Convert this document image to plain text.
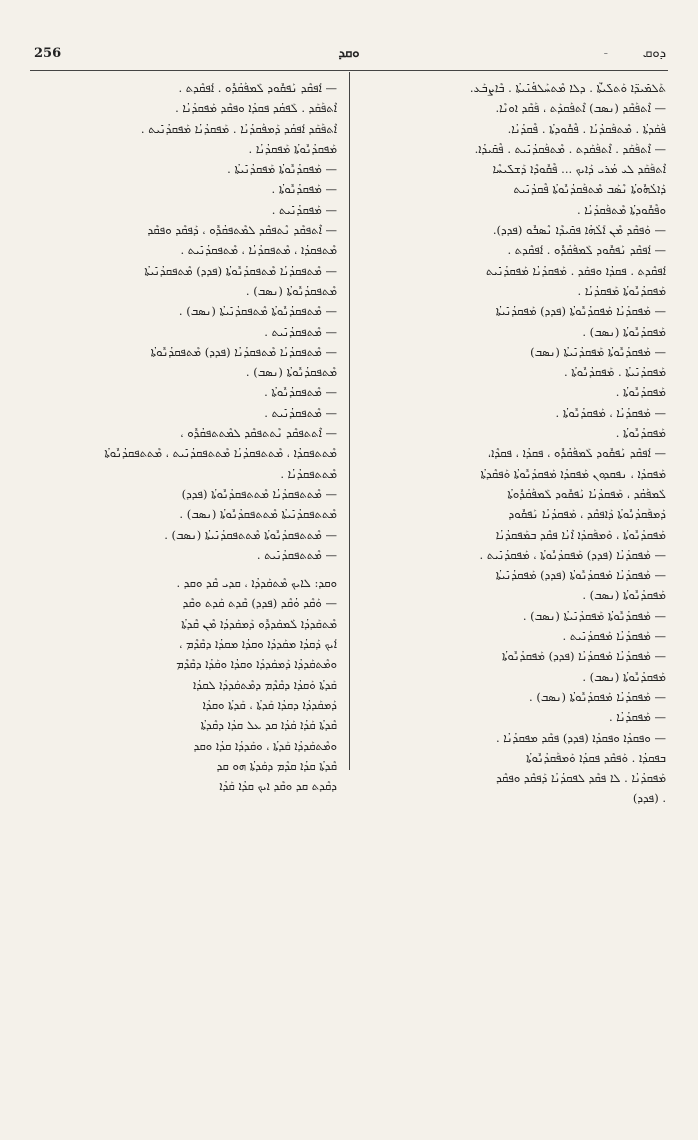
256	ܘܩܕ	-	ܕܘܩ
ܬܰܠܡܺܝܕ̈ܐ ܘܰܬܠܺܝܬ̈ܳܐ . ܕܠܐ ܡܶܬܚܰܠܦܳܢܺܝܬܳܐ . ܒܶܐܨܒܰܥ.
— ܐܶܬܦܰܩܶܕ (ܢܣܒ) ܐܶܬܦܰܩܕܰܬ ، ܦܰܩܶܕ ܐܘܢܶܐ.
ܦܰܩܰܕܬܳܐ . ܡܶܬܦܰܩܕܳܢܳܐ . ܦܶܩܽܘܕܬܳܐ . ܦܶܩܕܳܢܳܐ.
— ܐܶܬܦܰܩܰܕ . ܐܶܬܦܰܩܰܕܬ . ܡܶܬܦܰܩܕܳܢܺܝܬ . ܦܶܩܺܝܕܳܐ.
ܐܶܬܦܰܩܰܕ ܠܝ ܡܳܪܝ ܕܰܐܝܟ ... ܦܶܩܽܘܕܶܐ ܕܰܫܠܺܝܚܶܐ
ܕܰܐܠܳܗܽܘܬܳܐ ܢܶܣܰܒ ܡܶܬܦܰܩܕܳܢܽܘܬܳܐ ܦܶܩܕܳܢܺܝܬ
ܘܦܶܩܽܘܕܬܳܐ ܡܶܬܦܰܩܕܳܢܳܐ .
— ܘܰܦܩܶܕ ܡܶܢ ܐܰܠܳܗܳܐ ܦܩܺܝܕܶܐ ܢܶܣܒܽܘ (ܦܕܕ).
— ܐܰܦܩܶܕ ܢܰܦܩܽܘܕ ܠܰܡܦܰܩܳܕܽܘ . ܐܰܦܩܶܕܬ .
ܐܰܦܩܶܕܬ . ܦܩܕܳܐ ܘܦܩܰܕ . ܡܰܦܩܕܳܢܳܐ ܡܰܦܩܕܳܢܺܝܬ
ܡܰܦܩܕܳܢܽܘܬܳܐ ܡܰܦܩܕܳܢܳܐ .
— ܡܰܦܩܕܳܢܳܐ ܡܰܦܩܕܳܢܽܘܬܳܐ (ܦܕܕ) ܡܰܦܩܕܳܢܺܝܬܳܐ
ܡܰܦܩܕܳܢܽܘܬܳܐ (ܢܣܒ) .
— ܡܰܦܩܕܳܢܽܘܬܳܐ ܡܰܦܩܕܳܢܺܝܬܳܐ (ܢܣܒ)
ܡܰܦܩܕܳܢܺܝܬܳܐ . ܡܰܦܩܕܳܢܽܘܬܳܐ .
ܡܰܦܩܕܳܢܽܘܬܳܐ .
— ܡܰܦܩܕܳܢܳܐ ، ܡܰܦܩܕܳܢܽܘܬܳܐ .
ܡܰܦܩܕܳܢܽܘܬܳܐ .
— ܐܰܦܩܶܕ ܢܰܦܩܽܘܕ ܠܰܡܦܰܩܳܕܽܘ ، ܦܩܕܳܐ ، ܦܩܕܶܐ،
ܡܰܦܩܕܳܐ ، ܢܦܩܕܘܢ ܡܰܦܩܕܳܐ ܡܰܦܩܕܳܢܽܘܬܳܐ ܘܰܦܩܶܕܬܳܐ
ܠܰܡܦܰܩܳܕ ، ܡܰܦܩܕܳܢܳܐ ܢܰܦܩܽܘܕ ܠܰܡܦܰܩܳܕܽܘܬܳܐ
ܕܰܡܦܰܩܕܳܢܽܘܬܳܐ ܕܰܐܦܩܶܕ ، ܡܰܦܩܕܳܢܳܐ ܢܰܦܩܽܘܕ
ܡܰܦܩܕܳܢܽܘܬܳܐ ، ܘܰܡܦܰܩܕܳܐ ܐܶܢܳܐ ܦܩܶܕ ܒܡܰܦܩܕܳܢܳܐ
— ܡܰܦܩܕܳܢܳܐ (ܦܕܕ) ܡܰܦܩܕܳܢܽܘܬܳܐ ، ܡܰܦܩܕܳܢܺܝܬ .
— ܡܰܦܩܕܳܢܳܐ ܡܰܦܩܕܳܢܽܘܬܳܐ (ܦܕܕ) ܡܰܦܩܕܳܢܺܝܬܳܐ
ܡܰܦܩܕܳܢܽܘܬܳܐ (ܢܣܒ) .
— ܡܰܦܩܕܳܢܽܘܬܳܐ ܡܰܦܩܕܳܢܺܝܬܳܐ (ܢܣܒ) .
— ܡܰܦܩܕܳܢܳܐ ܡܰܦܩܕܳܢܺܝܬ .
— ܡܰܦܩܕܳܢܳܐ ܡܰܦܩܕܳܢܳܐ (ܦܕܕ) ܡܰܦܩܕܳܢܽܘܬܳܐ
ܡܰܦܩܕܳܢܽܘܬܳܐ (ܢܣܒ) .
— ܡܰܦܩܕܳܢܳܐ ܡܰܦܩܕܳܢܽܘܬܳܐ (ܢܣܒ) .
— ܡܰܦܩܕܳܢܳܐ .
— ܘܦܩܕܳܐ ܘܦܩܕܳܐ (ܦܕܕ) ܦܩܶܕ ܡܦܩܕܳܢܳܐ .
ܒܦܩܕܳܐ . ܘܰܦܩܶܕ ܦܩܕܳܐ ܘܰܡܦܰܩܕܳܢܽܘܬܳܐ
ܡܰܦܩܕܳܢܳܐ . ܠܐ ܦܩܶܕ ܠܦܩܕܳܢܳܐ ܕܰܦܩܶܕ ܘܦܩܶܕ
. (ܦܕܕ)
— ܐܰܦܩܶܕ ܢܰܦܩܽܘܕ ܠܰܡܦܰܩܳܕܽܘ . ܐܰܦܩܶܕܬ .
ܐܶܬܦܰܩܰܕ . ܠܰܦܩܳܕ ܦܩܕܳܐ ܘܦܩܶܕ ܡܰܦܩܕܳܢܳܐ .
ܐܶܬܦܰܩܰܕ ܐܰܦܩܳܕ ܕܰܡܦܰܩܕܳܢܳܐ . ܡܰܦܩܕܳܢܳܐ ܡܰܦܩܕܳܢܺܝܬ .
ܡܰܦܩܕܳܢܽܘܬܳܐ ܡܰܦܩܕܳܢܳܐ .
— ܡܰܦܩܕܳܢܽܘܬܳܐ ܡܰܦܩܕܳܢܺܝܬܳܐ .
— ܡܰܦܩܕܳܢܽܘܬܳܐ .
— ܡܰܦܩܕܳܢܺܝܬ .
— ܐܶܬܦܩܶܕ ܢܶܬܦܩܶܕ ܠܡܶܬܦܩܳܕܽܘ ، ܕܰܦܩܶܕ ܘܦܩܶܕ
ܡܶܬܦܩܕܳܐ ، ܡܶܬܦܩܕܳܢܳܐ ، ܡܶܬܦܩܕܳܢܺܝܬ .
— ܡܶܬܦܩܕܳܢܳܐ ܡܶܬܦܩܕܳܢܽܘܬܳܐ (ܦܕܕ) ܡܶܬܦܩܕܳܢܺܝܬܳܐ
ܡܶܬܦܩܕܳܢܽܘܬܳܐ (ܢܣܒ) .
— ܡܶܬܦܩܕܳܢܽܘܬܳܐ ܡܶܬܦܩܕܳܢܺܝܬܳܐ (ܢܣܒ) .
— ܡܶܬܦܩܕܳܢܺܝܬ .
— ܡܶܬܦܩܕܳܢܳܐ ܡܶܬܦܩܕܳܢܳܐ (ܦܕܕ) ܡܶܬܦܩܕܳܢܽܘܬܳܐ
ܡܶܬܦܩܕܳܢܽܘܬܳܐ (ܢܣܒ) .
— ܡܶܬܦܩܕܳܢܽܘܬܳܐ .
— ܡܶܬܦܩܕܳܢܺܝܬ .
— ܐܶܬܬܦܩܶܕ ܢܶܬܬܦܩܶܕ ܠܡܶܬܬܦܩܳܕܽܘ ،
ܡܶܬܬܦܩܕܳܐ ، ܡܶܬܬܦܩܕܳܢܳܐ ܡܶܬܬܦܩܕܳܢܺܝܬ ، ܡܶܬܬܦܩܕܳܢܽܘܬܳܐ
ܡܶܬܬܦܩܕܳܢܳܐ .
— ܡܶܬܬܦܩܕܳܢܳܐ ܡܶܬܬܦܩܕܳܢܽܘܬܳܐ (ܦܕܕ)
ܡܶܬܬܦܩܕܳܢܺܝܬܳܐ ܡܶܬܬܦܩܕܳܢܽܘܬܳܐ (ܢܣܒ) .
— ܡܶܬܬܦܩܕܳܢܽܘܬܳܐ ܡܶܬܬܦܩܕܳܢܺܝܬܳܐ (ܢܣܒ) .
— ܡܶܬܬܦܩܕܳܢܺܝܬ .
ܘܩܕ: ܠܐܝܟ ܡܶܬܩܰܕܕܳܐ ، ܩܕܝ ܩܶܕ ܘܩܕ .
— ܘܰܩܶܕ ܘܳܩܶܕ (ܦܕܕ) ܩܶܕܬ ܩܰܕܬ ܘܩܶܕ
ܡܶܬܩܰܕܕܳܐ ܠܰܡܩܰܕܕܽܘ ܕܰܡܩܰܕܕܳܐ ܡܶܢ ܩܶܕܬܳܐ
ܐܰܝܟ ܕܰܩܕܳܐ ܡܩܰܕܕܳܐ ܘܩܕܳܐ ܡܩܕܳܐ ܕܩܶܕܶܡ ،
ܘܡܶܬܩܰܕܕܳܐ ܕܰܡܩܰܕܕܳܐ ܘܩܕܳܐ ܘܩܰܕܳܐ ܕܩܶܕܶܡ
ܩܰܕܬܳܐ ܘܰܩܕܳܐ ܕܩܶܕܶܡ ܕܡܶܬܩܰܕܕܳܐ ܠܩܕܳܐ
ܕܰܡܩܰܕܕܳܐ ܕܩܕܳܐ ܩܰܕܬܳܐ ، ܩܰܕܬܳܐ ܘܩܕܳܐ
ܩܶܕܬܳܐ ܩܰܕܳܐ ܩܰܕܳܐ ܩܕ ܥܠ ܩܕܳܐ ܕܩܶܕܬܳܐ
ܘܡܶܬܩܰܕܕܳܐ ܩܰܕܬܳܐ ، ܘܩܰܕܕܳܐ ܩܕܳܐ ܘܩܕ
ܩܶܕܬܳܐ ܩܕܳܐ ܩܕܶܡ ܕܩܰܕܬܳܐ ܗܘ ܩܕ
ܕܩܶܕܬ ܩܕ ܘܩܶܕ ܐܝܟ ܩܕܳܐ ܩܰܕܳܐ
